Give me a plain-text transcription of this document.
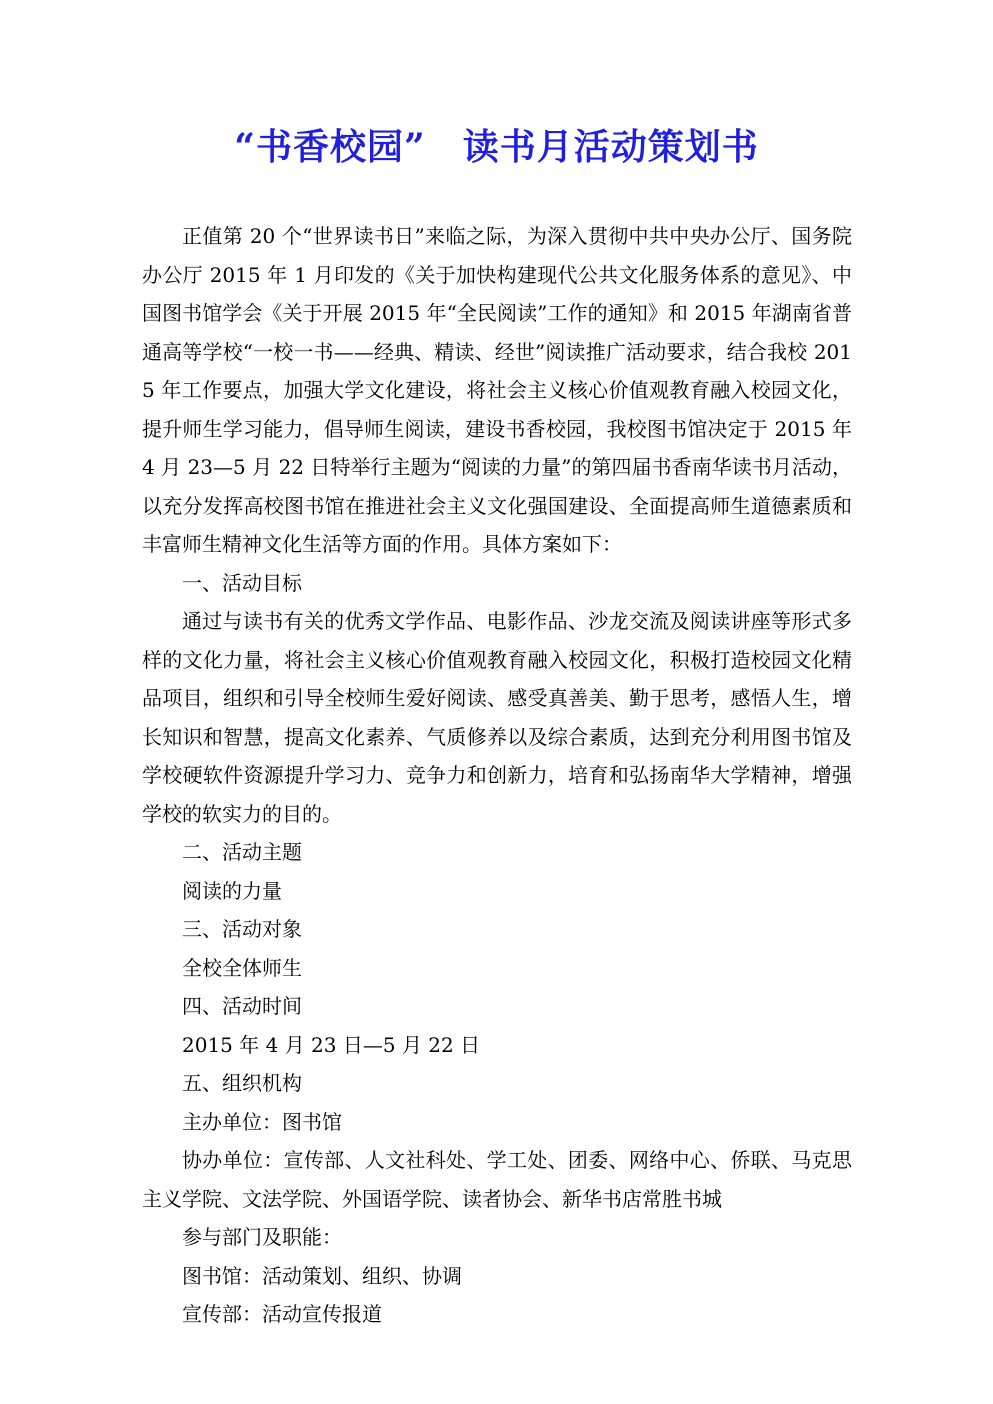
“书香校园”　读书月活动策划书

正值第 20 个“世界读书日”来临之际，为深入贯彻中共中央办公厅、国务院办公厅 2015 年 1 月印发的《关于加快构建现代公共文化服务体系的意见》、中国图书馆学会《关于开展 2015 年“全民阅读”工作的通知》和 2015 年湖南省普通高等学校“一校一书——经典、精读、经世”阅读推广活动要求，结合我校 2015 年工作要点，加强大学文化建设，将社会主义核心价值观教育融入校园文化，提升师生学习能力，倡导师生阅读，建设书香校园，我校图书馆决定于 2015 年 4 月 23—5 月 22 日特举行主题为“阅读的力量”的第四届书香南华读书月活动，以充分发挥高校图书馆在推进社会主义文化强国建设、全面提高师生道德素质和丰富师生精神文化生活等方面的作用。具体方案如下：

一、活动目标

通过与读书有关的优秀文学作品、电影作品、沙龙交流及阅读讲座等形式多样的文化力量，将社会主义核心价值观教育融入校园文化，积极打造校园文化精品项目，组织和引导全校师生爱好阅读、感受真善美、勤于思考，感悟人生，增长知识和智慧，提高文化素养、气质修养以及综合素质，达到充分利用图书馆及学校硬软件资源提升学习力、竞争力和创新力，培育和弘扬南华大学精神，增强学校的软实力的目的。

二、活动主题

阅读的力量

三、活动对象

全校全体师生

四、活动时间

2015 年 4 月 23 日—5 月 22 日

五、组织机构

主办单位：图书馆

协办单位：宣传部、人文社科处、学工处、团委、网络中心、侨联、马克思主义学院、文法学院、外国语学院、读者协会、新华书店常胜书城

参与部门及职能：

图书馆：活动策划、组织、协调

宣传部：活动宣传报道
